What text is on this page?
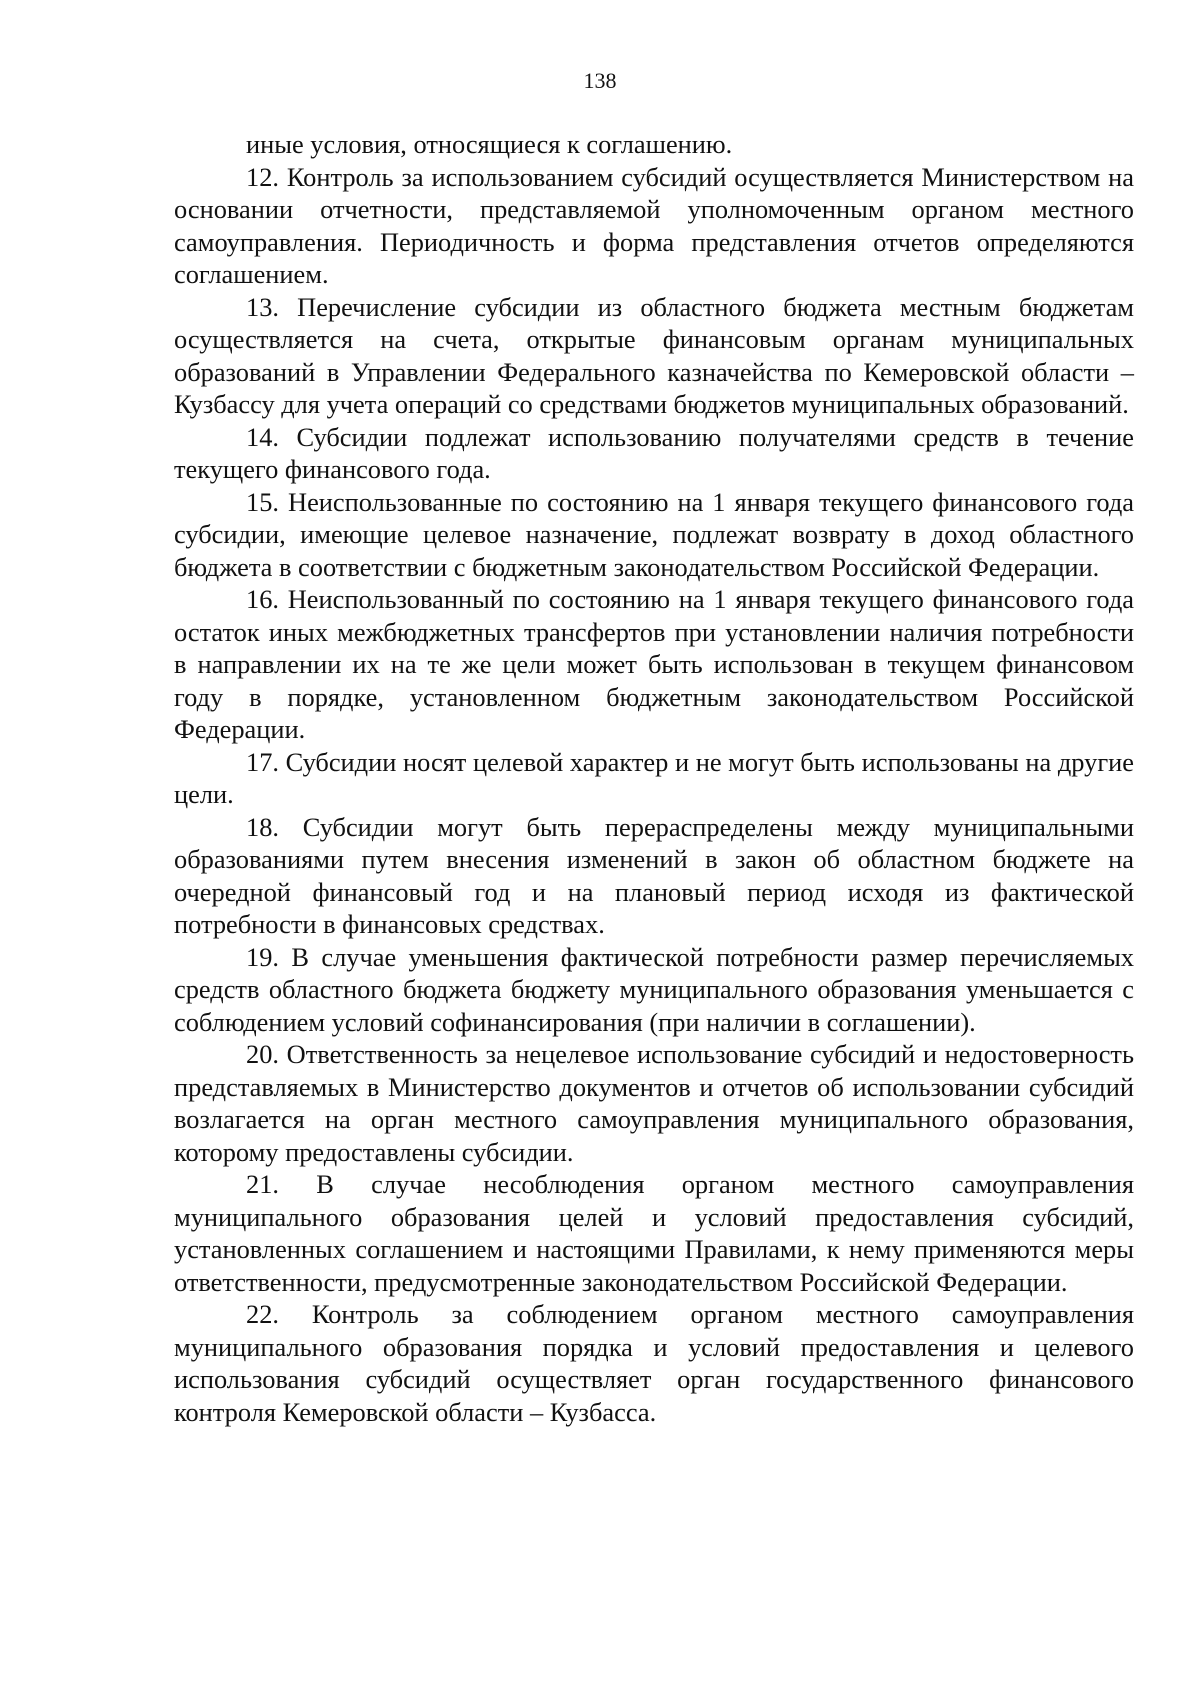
138

иные условия, относящиеся к соглашению.

12. Контроль за использованием субсидий осуществляется Министерством на основании отчетности, представляемой уполномоченным органом местного самоуправления. Периодичность и форма представления отчетов определяются соглашением.

13. Перечисление субсидии из областного бюджета местным бюджетам осуществляется на счета, открытые финансовым органам муниципальных образований в Управлении Федерального казначейства по Кемеровской области – Кузбассу для учета операций со средствами бюджетов муниципальных образований.

14. Субсидии подлежат использованию получателями средств в течение текущего финансового года.

15. Неиспользованные по состоянию на 1 января текущего финансового года субсидии, имеющие целевое назначение, подлежат возврату в доход областного бюджета в соответствии с бюджетным законодательством Российской Федерации.

16. Неиспользованный по состоянию на 1 января текущего финансового года остаток иных межбюджетных трансфертов при установлении наличия потребности в направлении их на те же цели может быть использован в текущем финансовом году в порядке, установленном бюджетным законодательством Российской Федерации.

17. Субсидии носят целевой характер и не могут быть использованы на другие цели.

18. Субсидии могут быть перераспределены между муниципальными образованиями путем внесения изменений в закон об областном бюджете на очередной финансовый год и на плановый период исходя из фактической потребности в финансовых средствах.

19. В случае уменьшения фактической потребности размер перечисляемых средств областного бюджета бюджету муниципального образования уменьшается с соблюдением условий софинансирования (при наличии в соглашении).

20. Ответственность за нецелевое использование субсидий и недостоверность представляемых в Министерство документов и отчетов об использовании субсидий возлагается на орган местного самоуправления муниципального образования, которому предоставлены субсидии.

21. В случае несоблюдения органом местного самоуправления муниципального образования целей и условий предоставления субсидий, установленных соглашением и настоящими Правилами, к нему применяются меры ответственности, предусмотренные законодательством Российской Федерации.

22. Контроль за соблюдением органом местного самоуправления муниципального образования порядка и условий предоставления и целевого использования субсидий осуществляет орган государственного финансового контроля Кемеровской области – Кузбасса.
